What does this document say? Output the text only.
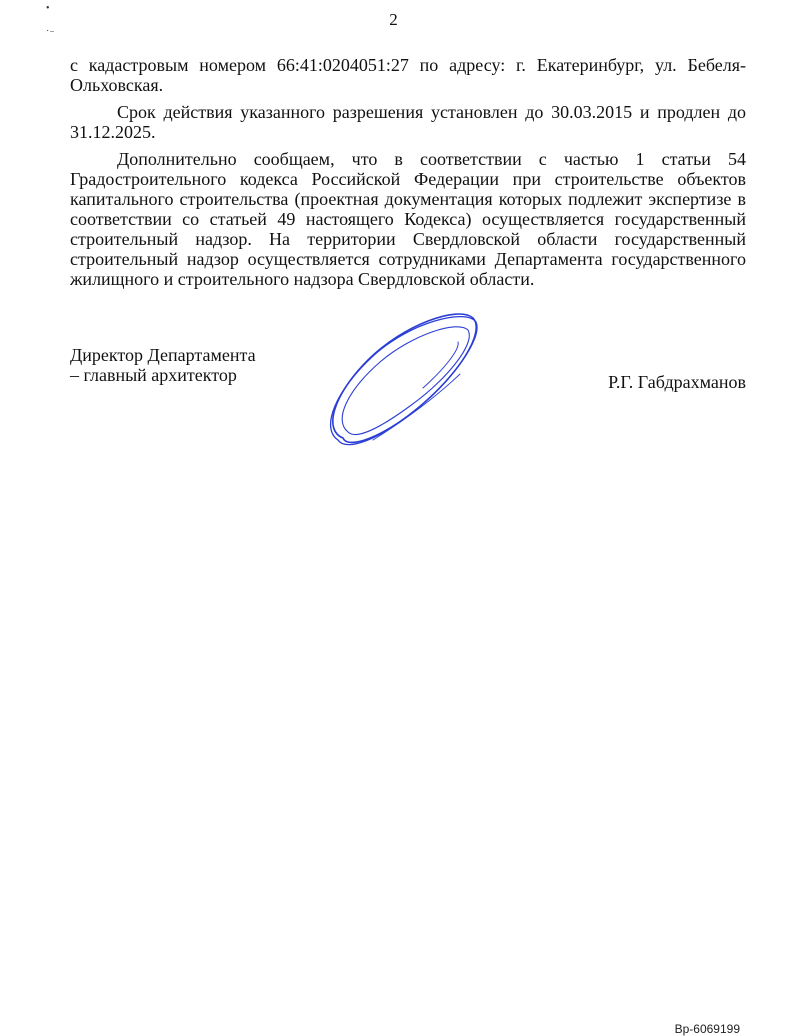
•
˙⁻
2

с кадастровым номером 66:41:0204051:27 по адресу: г. Екатеринбург, ул. Бебеля-Ольховская.

Срок действия указанного разрешения установлен до 30.03.2015 и продлен до 31.12.2025.

Дополнительно сообщаем, что в соответствии с частью 1 статьи 54 Градостроительного кодекса Российской Федерации при строительстве объектов капитального строительства (проектная документация которых подлежит экспертизе в соответствии со статьей 49 настоящего Кодекса) осуществляется государственный строительный надзор. На территории Свердловской области государственный строительный надзор осуществляется сотрудниками Департамента государственного жилищного и строительного надзора Свердловской области.

Директор Департамента
– главный архитектор	Р.Г. Габдрахманов
Вр-6069199
